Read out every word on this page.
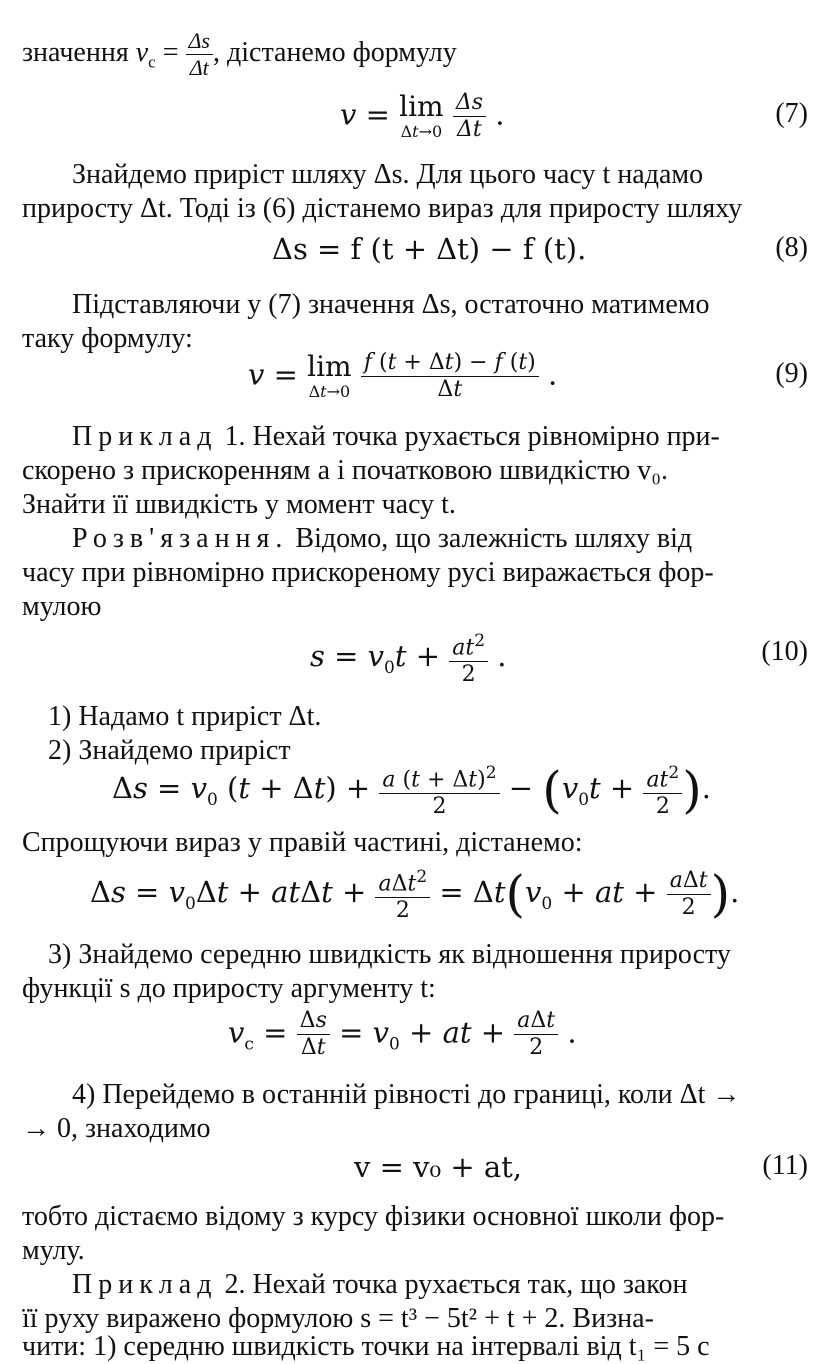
значення $v_с = \frac{\Delta s}{\Delta t}$ , дістанемо формулу
v = lim
Δt→0
$\frac{\Delta s}{\Delta t}$ .	(7)
Знайдемо приріст шляху Δs. Для цього часу t надамо
приросту Δt. Тоді із (6) дістанемо вираз для приросту шляху
Δs = f (t + Δt) − f (t).	(8)
Підставляючи у (7) значення Δs, остаточно матимемо
таку формулу:
v = lim
Δt→0
$\frac{f (t + \Delta t) - f (t)}{\Delta t}$ .	(9)
Приклад 1. Нехай точка рухається рівномірно при-
скорено з прискоренням a і початковою швидкістю v₀.
Знайти її швидкість у момент часу t.
Розв'язання. Відомо, що залежність шляху від
часу при рівномірно прискореному русі виражається фор-
мулою
$s = v_0t + \frac{at^2}{2}$ .	(10)
1) Надамо t приріст Δt.
2) Знайдемо приріст
$\Delta s = v_0$ $(t + \Delta t) + \frac{a (t + \Delta t)^2}{2} - (v_0t + \frac{at^2}{2}$ ).
Спрощуючи вираз у правій частині, дістанемо:
$\Delta s = v_0\Delta t + at\Delta t + a\Delta t^2$
2
= $\Delta t(v_0$ + at + aΔt
2 ).
3) Знайдемо середню швидкість як відношення приросту
функції s до приросту аргументу t:
$v_с = \frac{\Delta s}{\Delta t} = v_0$ + at + aΔt
2 .
4) Перейдемо в останній рівності до границі, коли Δt →
→ 0, знаходимо
v = v₀ + at,	(11)
тобто дістаємо відому з курсу фізики основної школи фор-
мулу.
Приклад 2. Нехай точка рухається так, що закон
її руху виражено формулою s = t³ − 5t² + t + 2. Визна-
чити: 1) середню швидкість точки на інтервалі від t₁ = 5 с
